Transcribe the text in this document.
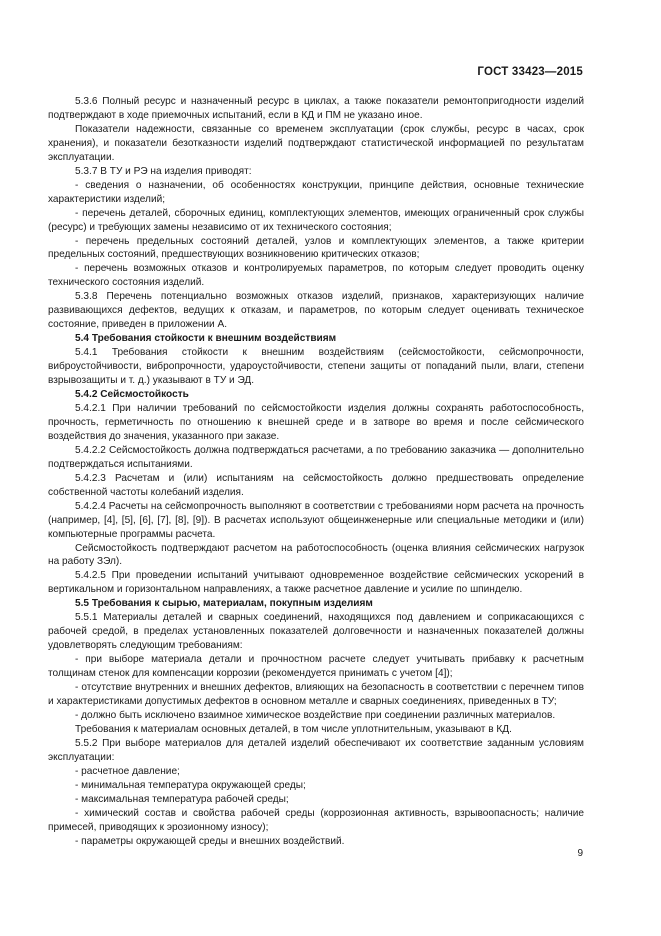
ГОСТ 33423—2015

5.3.6 Полный ресурс и назначенный ресурс в циклах, а также показатели ремонтопригодности изделий подтверждают в ходе приемочных испытаний, если в КД и ПМ не указано иное.

Показатели надежности, связанные со временем эксплуатации (срок службы, ресурс в часах, срок хранения), и показатели безотказности изделий подтверждают статистической информацией по результатам эксплуатации.

5.3.7 В ТУ и РЭ на изделия приводят:

- сведения о назначении, об особенностях конструкции, принципе действия, основные технические характеристики изделий;

- перечень деталей, сборочных единиц, комплектующих элементов, имеющих ограниченный срок службы (ресурс) и требующих замены независимо от их технического состояния;

- перечень предельных состояний деталей, узлов и комплектующих элементов, а также критерии предельных состояний, предшествующих возникновению критических отказов;

- перечень возможных отказов и контролируемых параметров, по которым следует проводить оценку технического состояния изделий.

5.3.8 Перечень потенциально возможных отказов изделий, признаков, характеризующих наличие развивающихся дефектов, ведущих к отказам, и параметров, по которым следует оценивать техническое состояние, приведен в приложении А.

5.4 Требования стойкости к внешним воздействиям

5.4.1 Требования стойкости к внешним воздействиям (сейсмостойкости, сейсмопрочности, виброустойчивости, вибропрочности, удароустойчивости, степени защиты от попаданий пыли, влаги, степени взрывозащиты и т. д.) указывают в ТУ и ЭД.

5.4.2 Сейсмостойкость

5.4.2.1 При наличии требований по сейсмостойкости изделия должны сохранять работоспособность, прочность, герметичность по отношению к внешней среде и в затворе во время и после сейсмического воздействия до значения, указанного при заказе.

5.4.2.2 Сейсмостойкость должна подтверждаться расчетами, а по требованию заказчика — дополнительно подтверждаться испытаниями.

5.4.2.3 Расчетам и (или) испытаниям на сейсмостойкость должно предшествовать определение собственной частоты колебаний изделия.

5.4.2.4 Расчеты на сейсмопрочность выполняют в соответствии с требованиями норм расчета на прочность (например, [4], [5], [6], [7], [8], [9]). В расчетах используют общеинженерные или специальные методики и (или) компьютерные программы расчета.

Сейсмостойкость подтверждают расчетом на работоспособность (оценка влияния сейсмических нагрузок на работу ЗЭл).

5.4.2.5 При проведении испытаний учитывают одновременное воздействие сейсмических ускорений в вертикальном и горизонтальном направлениях, а также расчетное давление и усилие по шпинделю.

5.5 Требования к сырью, материалам, покупным изделиям

5.5.1 Материалы деталей и сварных соединений, находящихся под давлением и соприкасающихся с рабочей средой, в пределах установленных показателей долговечности и назначенных показателей должны удовлетворять следующим требованиям:

- при выборе материала детали и прочностном расчете следует учитывать прибавку к расчетным толщинам стенок для компенсации коррозии (рекомендуется принимать с учетом [4]);

- отсутствие внутренних и внешних дефектов, влияющих на безопасность в соответствии с перечнем типов и характеристиками допустимых дефектов в основном металле и сварных соединениях, приведенных в ТУ;

- должно быть исключено взаимное химическое воздействие при соединении различных материалов.

Требования к материалам основных деталей, в том числе уплотнительным, указывают в КД.

5.5.2 При выборе материалов для деталей изделий обеспечивают их соответствие заданным условиям эксплуатации:

- расчетное давление;

- минимальная температура окружающей среды;

- максимальная температура рабочей среды;

- химический состав и свойства рабочей среды (коррозионная активность, взрывоопасность; наличие примесей, приводящих к эрозионному износу);

- параметры окружающей среды и внешних воздействий.

9
